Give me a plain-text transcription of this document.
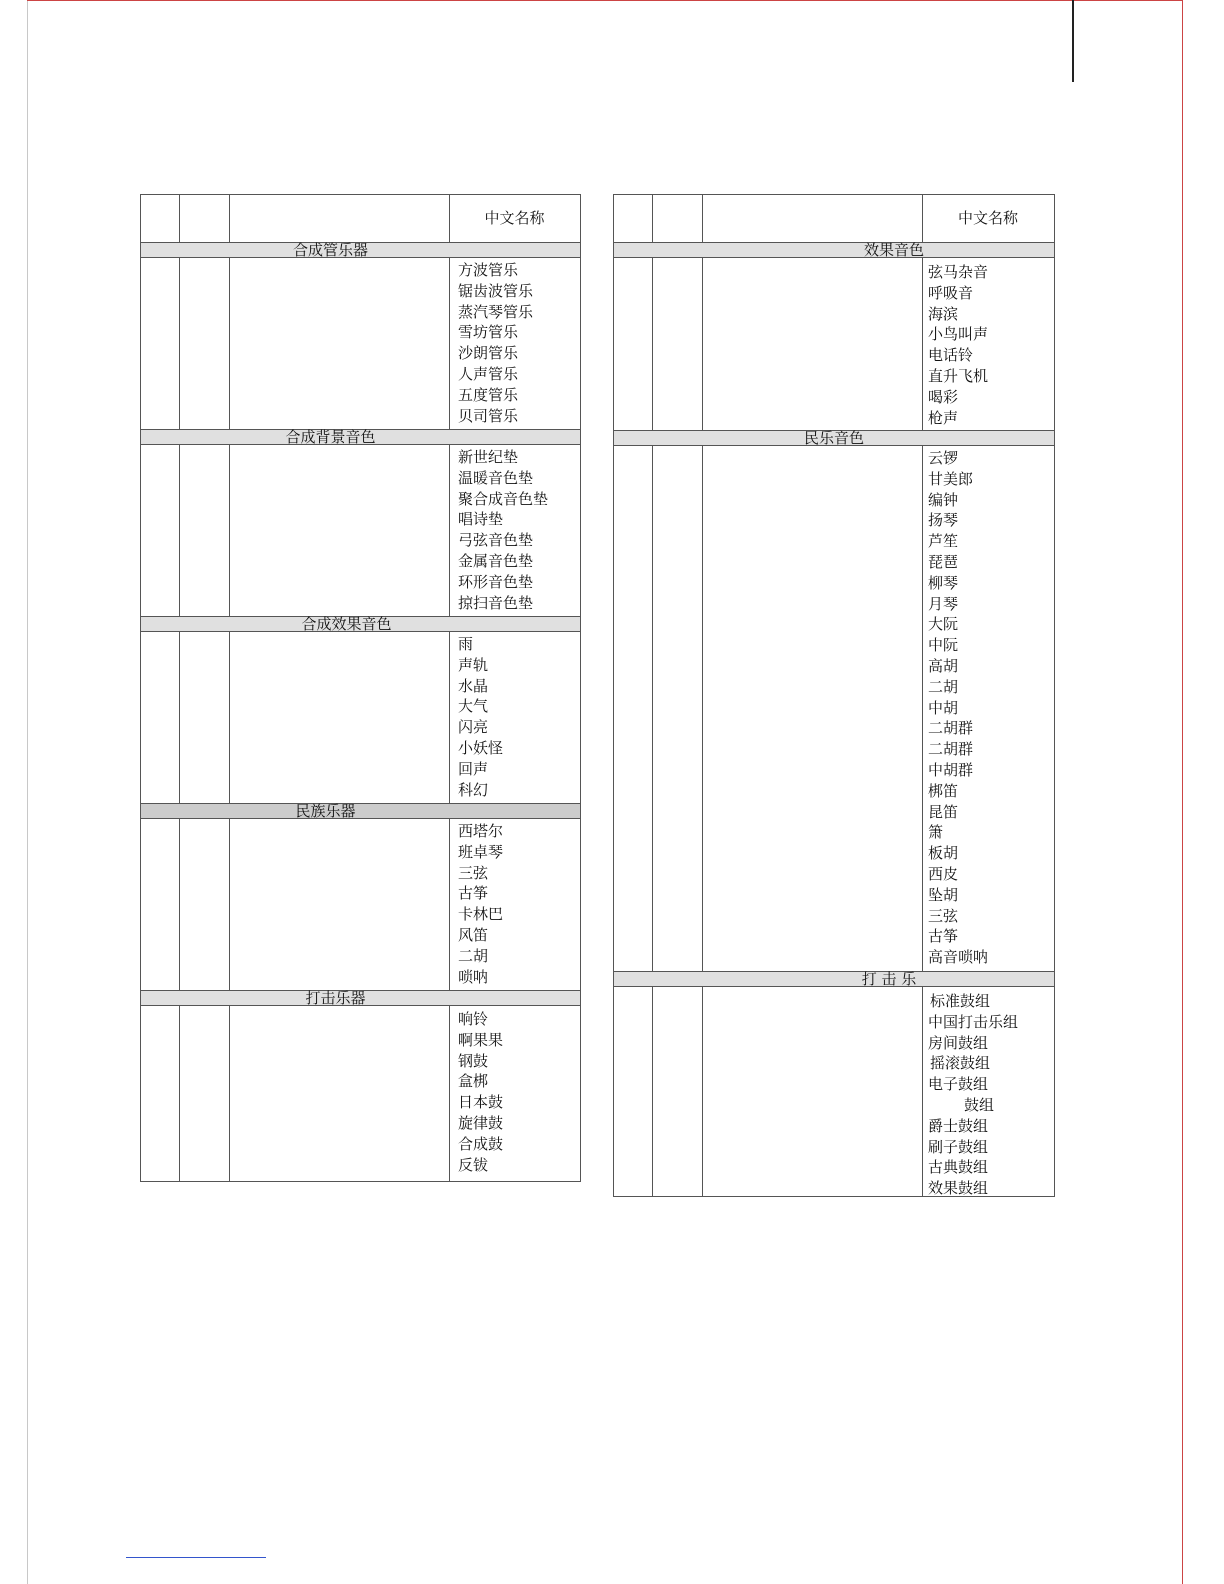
中文名称
合成管乐器
方波管乐
锯齿波管乐
蒸汽琴管乐
雪坊管乐
沙朗管乐
人声管乐
五度管乐
贝司管乐
合成背景音色
新世纪垫
温暖音色垫
聚合成音色垫
唱诗垫
弓弦音色垫
金属音色垫
环形音色垫
掠扫音色垫
合成效果音色
雨
声轨
水晶
大气
闪亮
小妖怪
回声
科幻
民族乐器
西塔尔
班卓琴
三弦
古筝
卡林巴
风笛
二胡
唢呐
打击乐器
响铃
啊果果
钢鼓
盒梆
日本鼓
旋律鼓
合成鼓
反钹
中文名称
效果音色
弦马杂音
呼吸音
海滨
小鸟叫声
电话铃
直升飞机
喝彩
枪声
民乐音色
云锣
甘美郎
编钟
扬琴
芦笙
琵琶
柳琴
月琴
大阮
中阮
高胡
二胡
中胡
二胡群
二胡群
中胡群
梆笛
昆笛
箫
板胡
西皮
坠胡
三弦
古筝
高音唢呐
打 击 乐
标准鼓组
中国打击乐组
房间鼓组
摇滚鼓组
电子鼓组
鼓组
爵士鼓组
刷子鼓组
古典鼓组
效果鼓组
